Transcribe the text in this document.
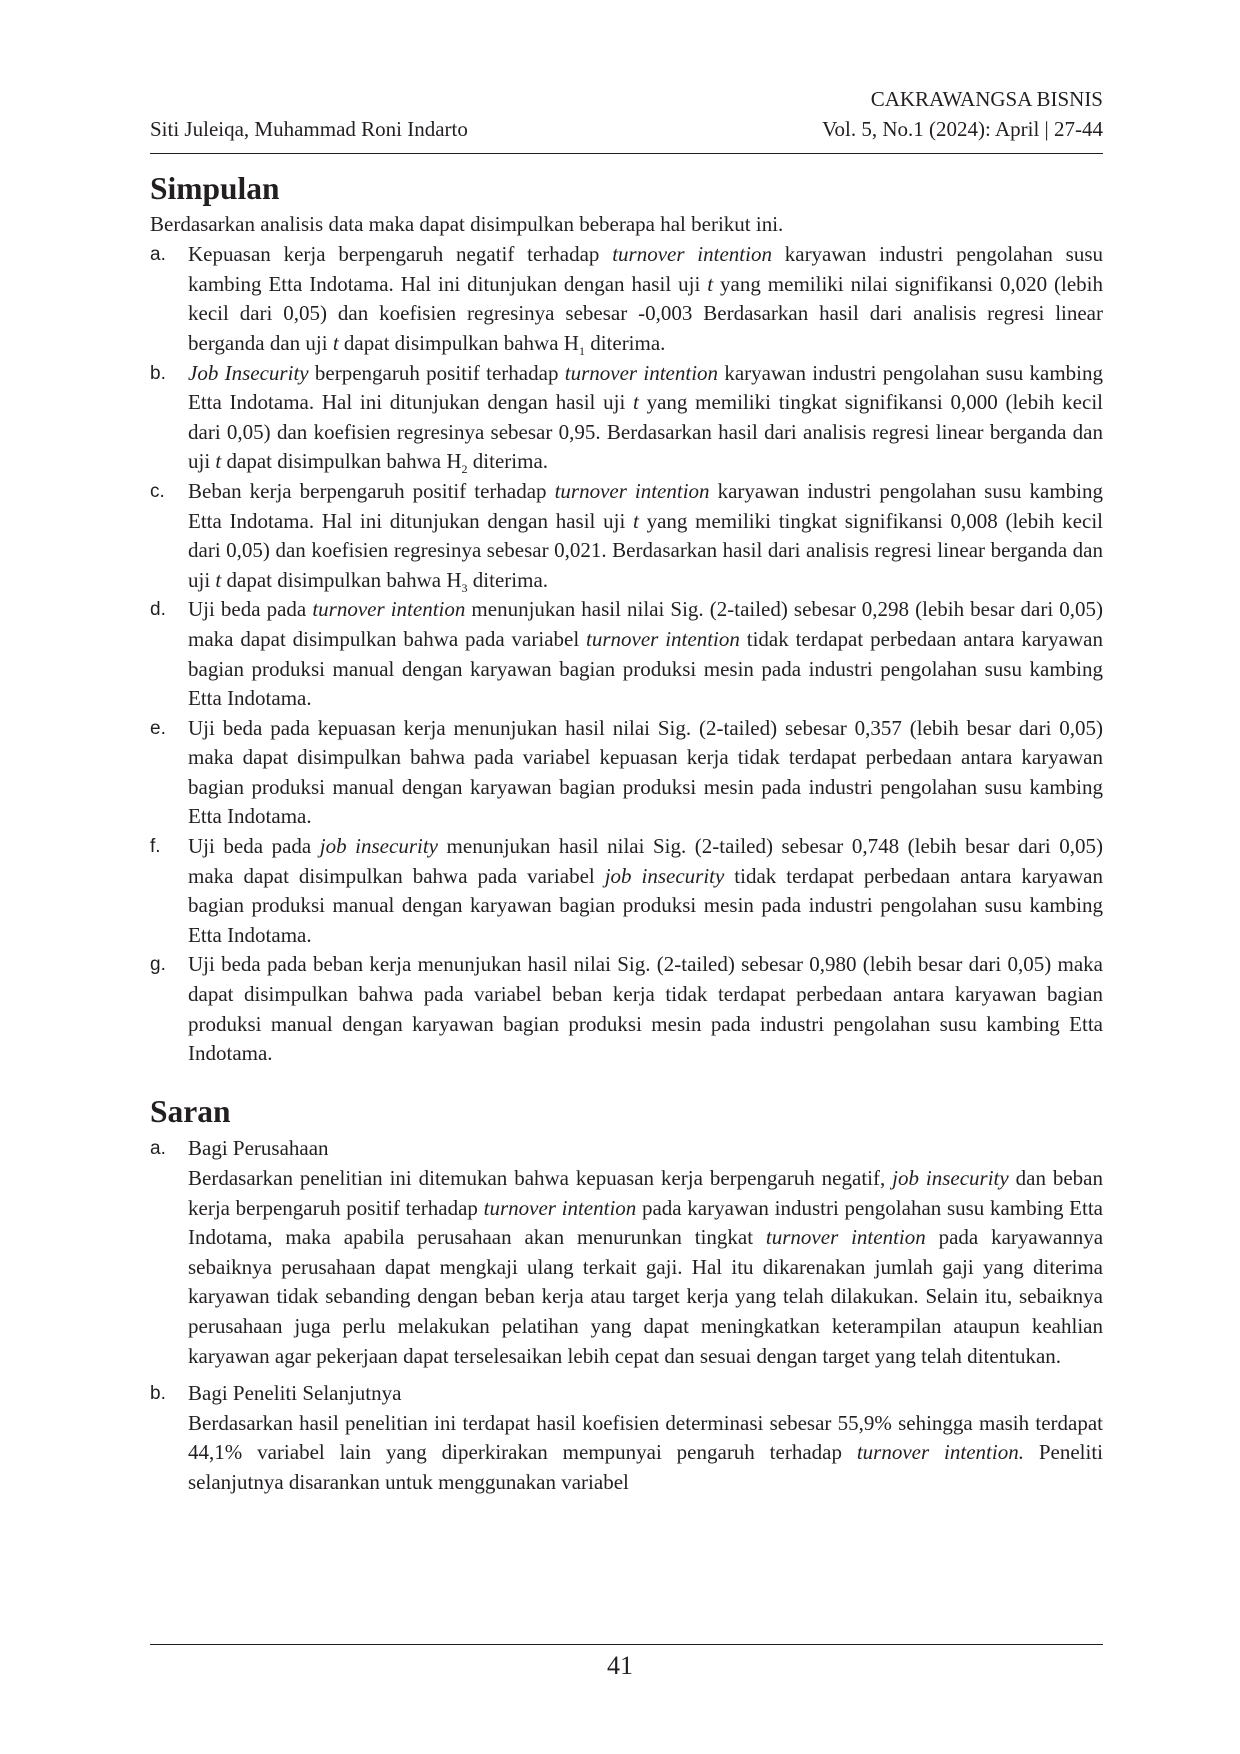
CAKRAWANGSA BISNIS
Siti Juleiqa, Muhammad Roni Indarto	Vol. 5, No.1 (2024): April | 27-44
Simpulan

Berdasarkan analisis data maka dapat disimpulkan beberapa hal berikut ini.

a.	Kepuasan kerja berpengaruh negatif terhadap turnover intention karyawan industri pengolahan susu kambing Etta Indotama. Hal ini ditunjukan dengan hasil uji t yang memiliki nilai signifikansi 0,020 (lebih kecil dari 0,05) dan koefisien regresinya sebesar -0,003 Berdasarkan hasil dari analisis regresi linear berganda dan uji t dapat disimpulkan bahwa $H_1$ diterima.
b.	Job Insecurity berpengaruh positif terhadap turnover intention karyawan industri pengolahan susu kambing Etta Indotama. Hal ini ditunjukan dengan hasil uji t yang memiliki tingkat signifikansi 0,000 (lebih kecil dari 0,05) dan koefisien regresinya sebesar 0,95. Berdasarkan hasil dari analisis regresi linear berganda dan uji t dapat disimpulkan bahwa $H_2$ diterima.
c.	Beban kerja berpengaruh positif terhadap turnover intention karyawan industri pengolahan susu kambing Etta Indotama. Hal ini ditunjukan dengan hasil uji t yang memiliki tingkat signifikansi 0,008 (lebih kecil dari 0,05) dan koefisien regresinya sebesar 0,021. Berdasarkan hasil dari analisis regresi linear berganda dan uji t dapat disimpulkan bahwa $H_3$ diterima.
d.	Uji beda pada turnover intention menunjukan hasil nilai Sig. (2-tailed) sebesar 0,298 (lebih besar dari 0,05) maka dapat disimpulkan bahwa pada variabel turnover intention tidak terdapat perbedaan antara karyawan bagian produksi manual dengan karyawan bagian produksi mesin pada industri pengolahan susu kambing Etta Indotama.
e.	Uji beda pada kepuasan kerja menunjukan hasil nilai Sig. (2-tailed) sebesar 0,357 (lebih besar dari 0,05) maka dapat disimpulkan bahwa pada variabel kepuasan kerja tidak terdapat perbedaan antara karyawan bagian produksi manual dengan karyawan bagian produksi mesin pada industri pengolahan susu kambing Etta Indotama.
f.	Uji beda pada job insecurity menunjukan hasil nilai Sig. (2-tailed) sebesar 0,748 (lebih besar dari 0,05) maka dapat disimpulkan bahwa pada variabel job insecurity tidak terdapat perbedaan antara karyawan bagian produksi manual dengan karyawan bagian produksi mesin pada industri pengolahan susu kambing Etta Indotama.
g.	Uji beda pada beban kerja menunjukan hasil nilai Sig. (2-tailed) sebesar 0,980 (lebih besar dari 0,05) maka dapat disimpulkan bahwa pada variabel beban kerja tidak terdapat perbedaan antara karyawan bagian produksi manual dengan karyawan bagian produksi mesin pada industri pengolahan susu kambing Etta Indotama.
Saran
a.	Bagi Perusahaan
Berdasarkan penelitian ini ditemukan bahwa kepuasan kerja berpengaruh negatif, job insecurity dan beban kerja berpengaruh positif terhadap turnover intention pada karyawan industri pengolahan susu kambing Etta Indotama, maka apabila perusahaan akan menurunkan tingkat turnover intention pada karyawannya sebaiknya perusahaan dapat mengkaji ulang terkait gaji. Hal itu dikarenakan jumlah gaji yang diterima karyawan tidak sebanding dengan beban kerja atau target kerja yang telah dilakukan. Selain itu, sebaiknya perusahaan juga perlu melakukan pelatihan yang dapat meningkatkan keterampilan ataupun keahlian karyawan agar pekerjaan dapat terselesaikan lebih cepat dan sesuai dengan target yang telah ditentukan.
b.	Bagi Peneliti Selanjutnya
Berdasarkan hasil penelitian ini terdapat hasil koefisien determinasi sebesar 55,9% sehingga masih terdapat 44,1% variabel lain yang diperkirakan mempunyai pengaruh terhadap turnover intention. Peneliti selanjutnya disarankan untuk menggunakan variabel
41
